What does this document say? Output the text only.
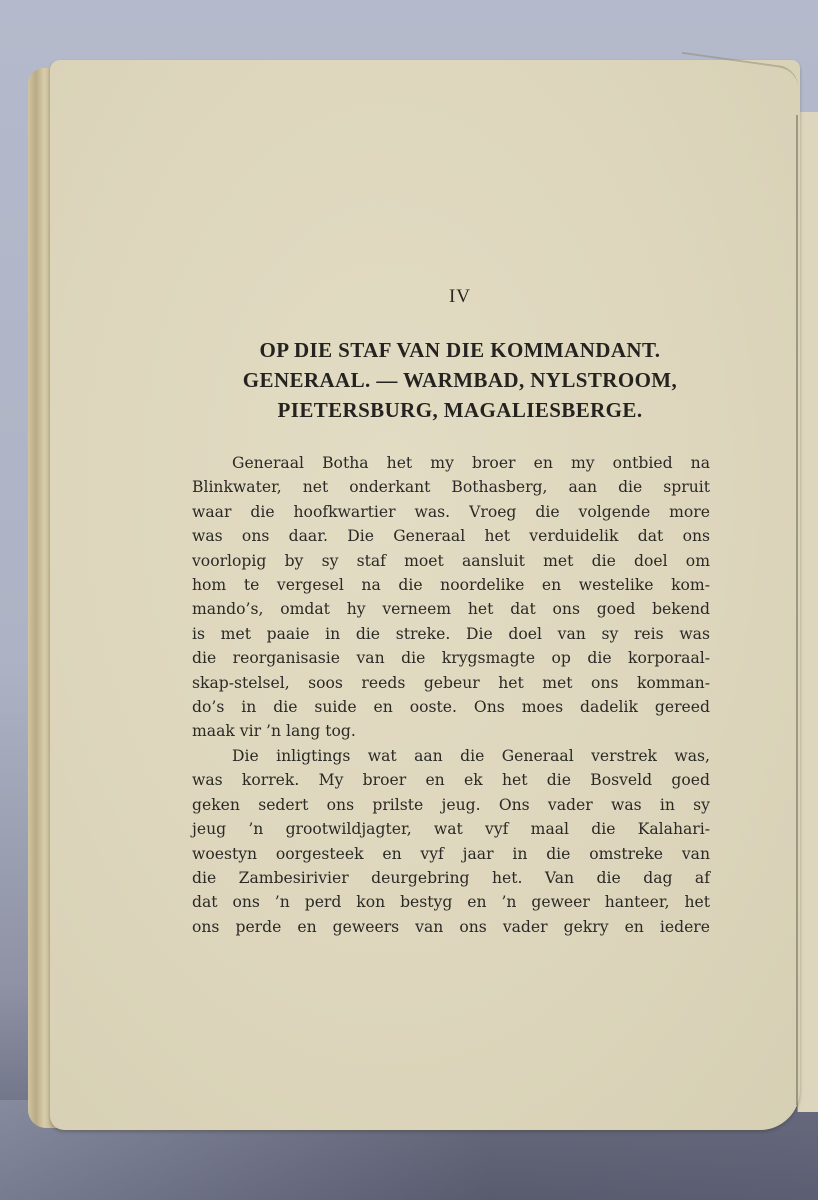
IV
OP DIE STAF VAN DIE KOMMANDANT.
GENERAAL. — WARMBAD, NYLSTROOM,
PIETERSBURG, MAGALIESBERGE.
Generaal Botha het my broer en my ontbied na
Blinkwater, net onderkant Bothasberg, aan die spruit
waar die hoofkwartier was. Vroeg die volgende more
was ons daar. Die Generaal het verduidelik dat ons
voorlopig by sy staf moet aansluit met die doel om
hom te vergesel na die noordelike en westelike kom-
mando’s, omdat hy verneem het dat ons goed bekend
is met paaie in die streke. Die doel van sy reis was
die reorganisasie van die krygsmagte op die korporaal-
skap-stelsel, soos reeds gebeur het met ons komman-
do’s in die suide en ooste. Ons moes dadelik gereed
maak vir ’n lang tog.
Die inligtings wat aan die Generaal verstrek was,
was korrek. My broer en ek het die Bosveld goed
geken sedert ons prilste jeug. Ons vader was in sy
jeug ’n grootwildjagter, wat vyf maal die Kalahari-
woestyn oorgesteek en vyf jaar in die omstreke van
die Zambesirivier deurgebring het. Van die dag af
dat ons ’n perd kon bestyg en ’n geweer hanteer, het
ons perde en geweers van ons vader gekry en iedere
